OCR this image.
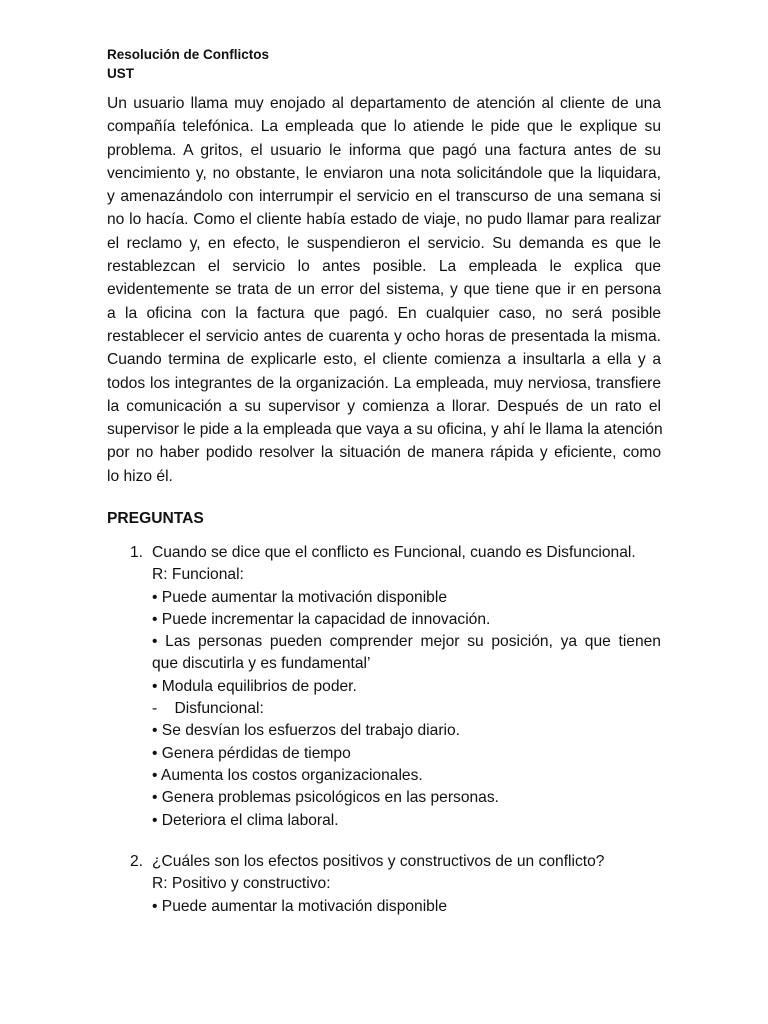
Resolución de Conflictos
UST
Un usuario llama muy enojado al departamento de atención al cliente de una
compañía telefónica. La empleada que lo atiende le pide que le explique su
problema. A gritos, el usuario le informa que pagó una factura antes de su
vencimiento y, no obstante, le enviaron una nota solicitándole que la liquidara,
y amenazándolo con interrumpir el servicio en el transcurso de una semana si
no lo hacía. Como el cliente había estado de viaje, no pudo llamar para realizar
el reclamo y, en efecto, le suspendieron el servicio. Su demanda es que le
restablezcan el servicio lo antes posible. La empleada le explica que
evidentemente se trata de un error del sistema, y que tiene que ir en persona
a la oficina con la factura que pagó. En cualquier caso, no será posible
restablecer el servicio antes de cuarenta y ocho horas de presentada la misma.
Cuando termina de explicarle esto, el cliente comienza a insultarla a ella y a
todos los integrantes de la organización. La empleada, muy nerviosa, transfiere
la comunicación a su supervisor y comienza a llorar. Después de un rato el
supervisor le pide a la empleada que vaya a su oficina, y ahí le llama la atención
por no haber podido resolver la situación de manera rápida y eficiente, como
lo hizo él.
PREGUNTAS
1. Cuando se dice que el conflicto es Funcional, cuando es Disfuncional.
R: Funcional:
• Puede aumentar la motivación disponible
• Puede incrementar la capacidad de innovación.
• Las personas pueden comprender mejor su posición, ya que tienen
que discutirla y es fundamental’
• Modula equilibrios de poder.
-    Disfuncional:
• Se desvían los esfuerzos del trabajo diario.
• Genera pérdidas de tiempo
• Aumenta los costos organizacionales.
• Genera problemas psicológicos en las personas.
• Deteriora el clima laboral.
2. ¿Cuáles son los efectos positivos y constructivos de un conflicto?
R: Positivo y constructivo:
• Puede aumentar la motivación disponible
